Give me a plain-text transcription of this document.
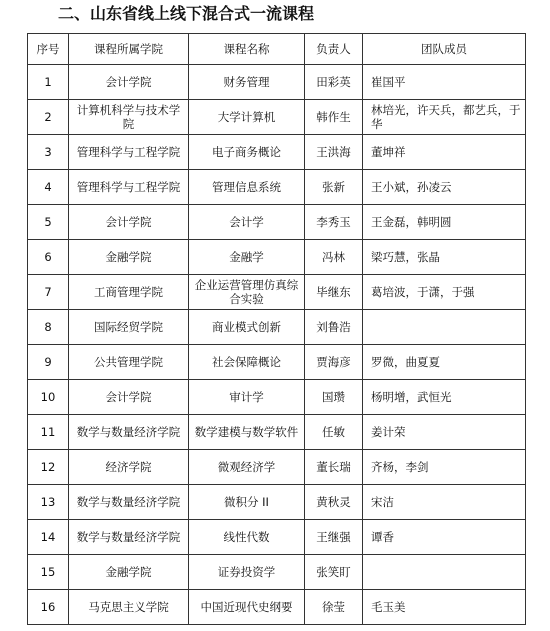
二、山东省线上线下混合式一流课程
序号	课程所属学院	课程名称	负责人	团队成员
1	会计学院	财务管理	田彩英	崔国平
2	计算机科学与技术学院	大学计算机	韩作生	林培光，许天兵，都艺兵，于华
3	管理科学与工程学院	电子商务概论	王洪海	董坤祥
4	管理科学与工程学院	管理信息系统	张新	王小斌，孙凌云
5	会计学院	会计学	李秀玉	王金磊，韩明圆
6	金融学院	金融学	冯林	梁巧慧，张晶
7	工商管理学院	企业运营管理仿真综合实验	毕继东	葛培波，于潇，于强
8	国际经贸学院	商业模式创新	刘鲁浩	
9	公共管理学院	社会保障概论	贾海彦	罗微，曲夏夏
10	会计学院	审计学	国瓒	杨明增，武恒光
11	数学与数量经济学院	数学建模与数学软件	任敏	姜计荣
12	经济学院	微观经济学	董长瑞	齐杨，李剑
13	数学与数量经济学院	微积分 II	黄秋灵	宋洁
14	数学与数量经济学院	线性代数	王继强	谭香
15	金融学院	证券投资学	张笑盯	
16	马克思主义学院	中国近现代史纲要	徐莹	毛玉美
